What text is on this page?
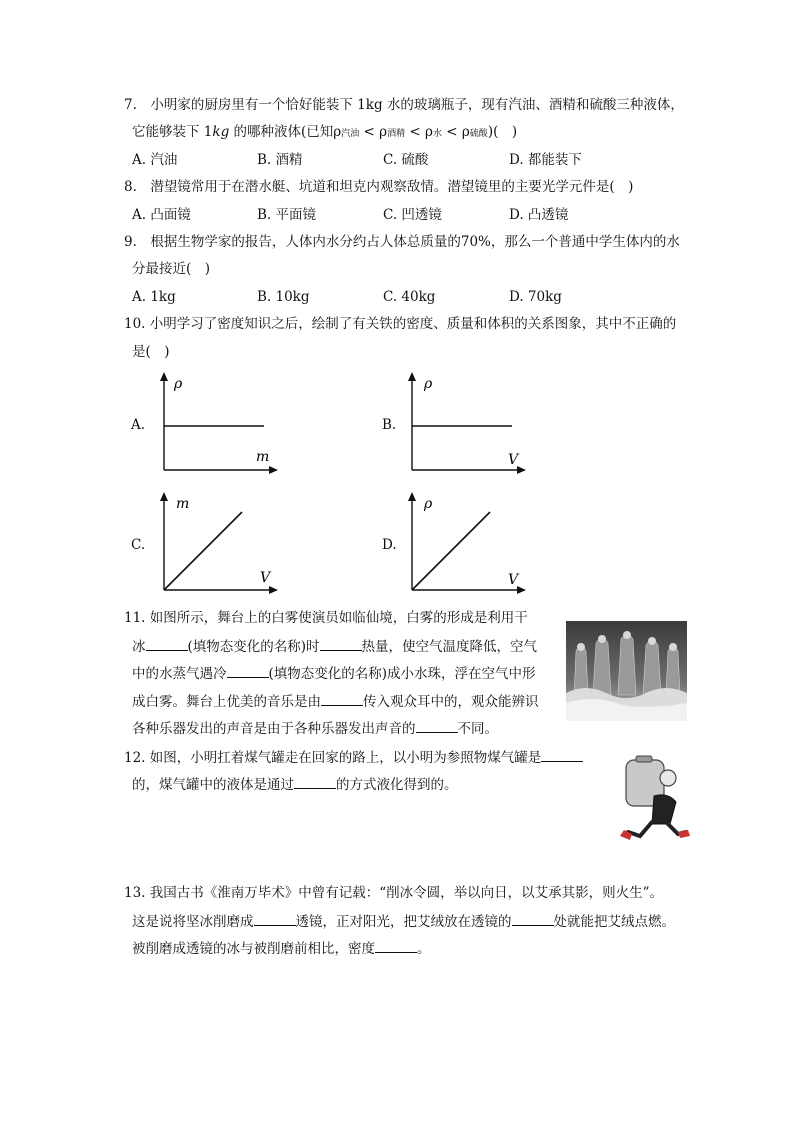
7.　小明家的厨房里有一个恰好能装下 1kg 水的玻璃瓶子，现有汽油、酒精和硫酸三种液体，
它能够装下 1kg 的哪种液体(已知ρ汽油 < ρ酒精 < ρ水 < ρ硫酸)(　)
A. 汽油	B. 酒精	C. 硫酸	D. 都能装下
8.　潜望镜常用于在潜水艇、坑道和坦克内观察敌情。潜望镜里的主要光学元件是(　)
A. 凸面镜	B. 平面镜	C. 凹透镜	D. 凸透镜
9.　根据生物学家的报告，人体内水分约占人体总质量的70%，那么一个普通中学生体内的水
分最接近(　)
A. 1kg	B. 10kg	C. 40kg	D. 70kg
10. 小明学习了密度知识之后，绘制了有关铁的密度、质量和体积的关系图象，其中不正确的
是(　)
A.
ρ
m
B.
ρ
V
C.
m
V
D.
ρ
V
11. 如图所示，舞台上的白雾使演员如临仙境，白雾的形成是利用干
冰	(填物态变化的名称)时	热量，使空气温度降低，空气
中的水蒸气遇冷	(填物态变化的名称)成小水珠，浮在空气中形
成白雾。舞台上优美的音乐是由	传入观众耳中的，观众能辨识
各种乐器发出的声音是由于各种乐器发出声音的	不同。
12. 如图，小明扛着煤气罐走在回家的路上，以小明为参照物煤气罐是
的，煤气罐中的液体是通过	的方式液化得到的。
13. 我国古书《淮南万毕术》中曾有记载：“削冰令圆，举以向日，以艾承其影，则火生”。
这是说将坚冰削磨成	透镜，正对阳光，把艾绒放在透镜的	处就能把艾绒点燃。
被削磨成透镜的冰与被削磨前相比，密度	。
